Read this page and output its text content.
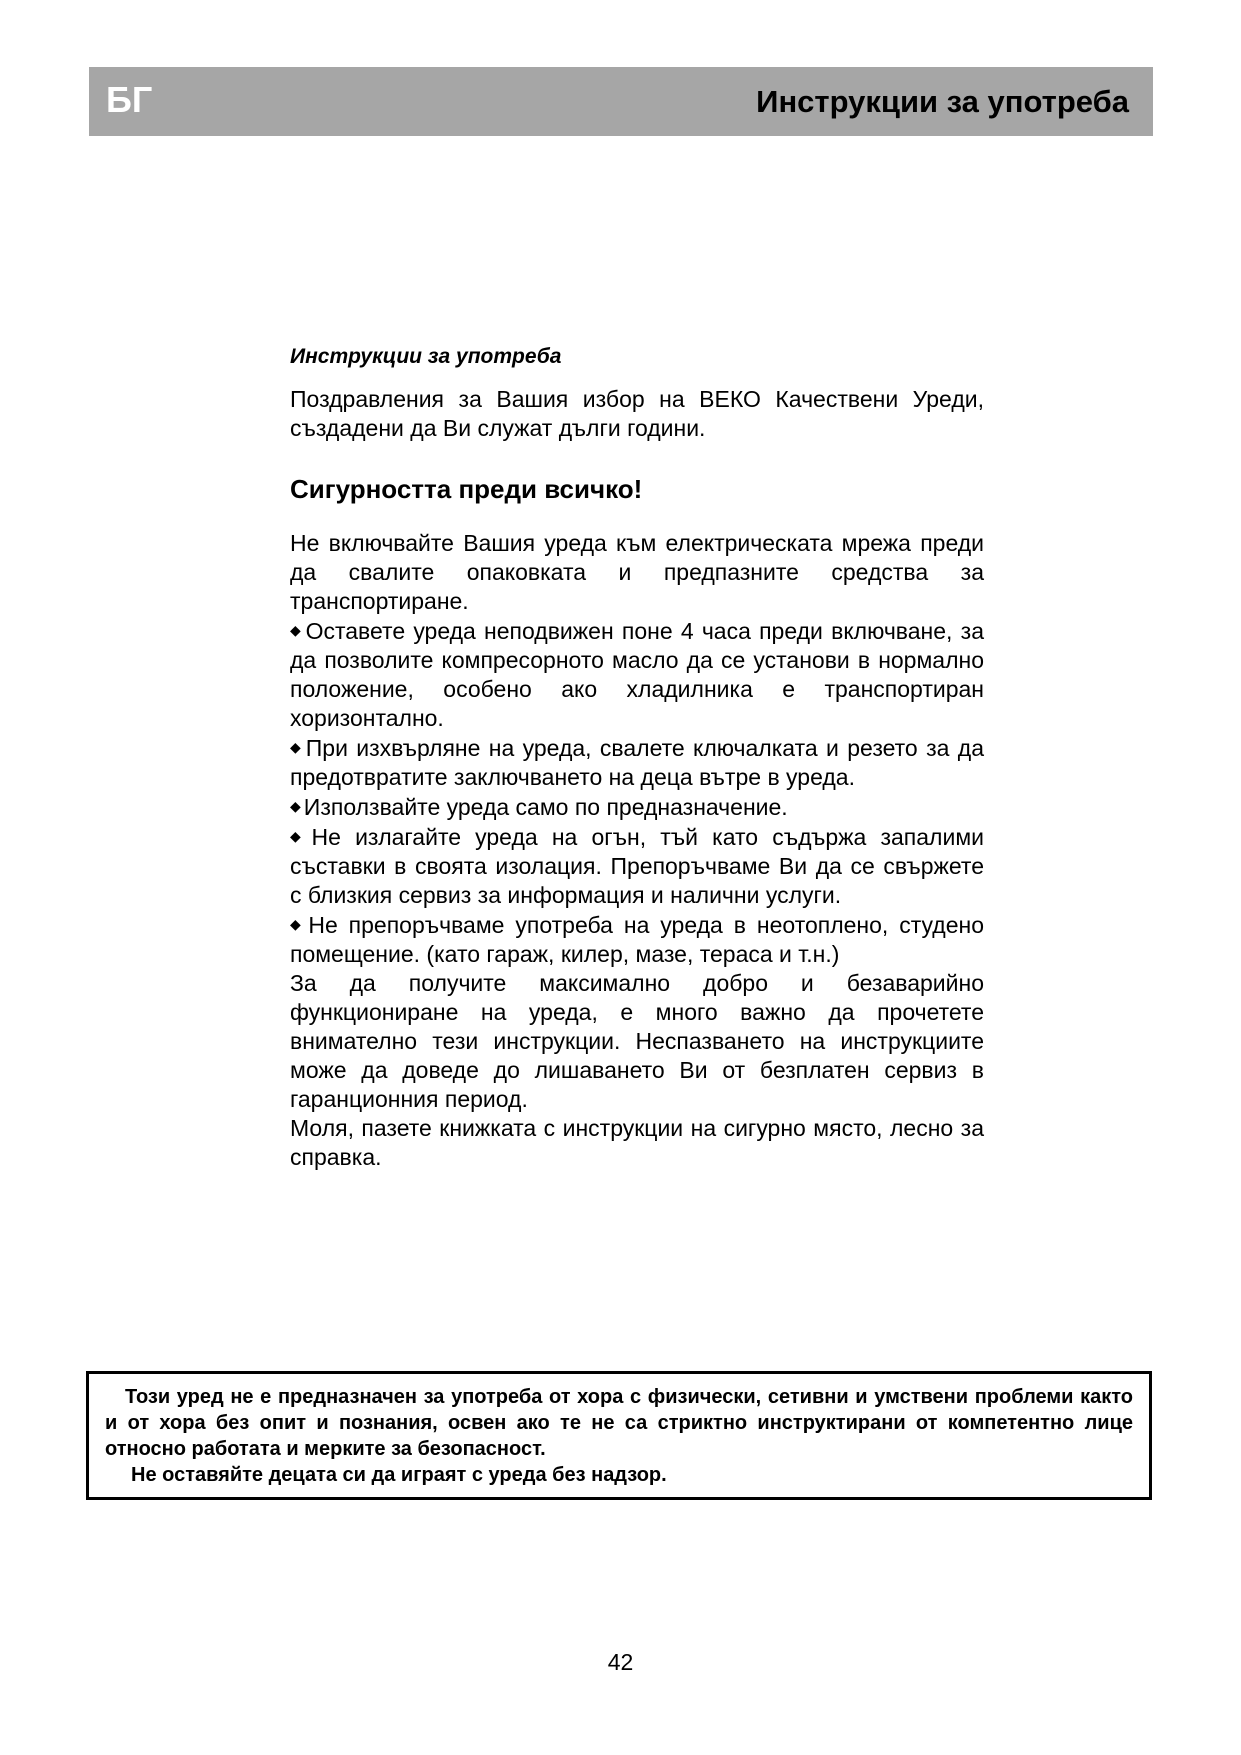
БГ	Инструкции за употреба
Инструкции за употреба

Поздравления за Вашия избор на ВЕКО Качествени Уреди, създадени да Ви служат дълги години.

Сигурността преди всичко!

Не включвайте Вашия уреда към електрическата мрежа преди да свалите опаковката и предпазните средства за транспортиране.

◆ Оставете уреда неподвижен поне 4 часа преди включване, за да позволите компресорното масло да се установи в нормално положение, особено ако хладилника е транспортиран хоризонтално.

◆ При изхвърляне на уреда, свалете ключалката и резето за да предотвратите заключването на деца вътре в уреда.

◆ Използвайте уреда само по предназначение.

◆ Не излагайте уреда на огън, тъй като съдържа запалими съставки в своята изолация. Препоръчваме Ви да се свържете с близкия сервиз за информация и налични услуги.

◆ Не препоръчваме употреба на уреда в неотоплено, студено помещение. (като гараж, килер, мазе, тераса и т.н.)

За да получите максимално добро и безаварийно функциониране на уреда, е много важно да прочетете внимателно тези инструкции. Неспазването на инструкциите може да доведе до лишаването Ви от безплатен сервиз в гаранционния период.

Моля, пазете книжката с инструкции на сигурно място, лесно за справка.

Този уред не е предназначен за употреба от хора с физически, сетивни и умствени проблеми както и от хора без опит и познания, освен ако те не са стриктно инструктирани от компетентно лице относно работата и мерките за безопасност.

Не оставяйте децата си да играят с уреда без надзор.

42
